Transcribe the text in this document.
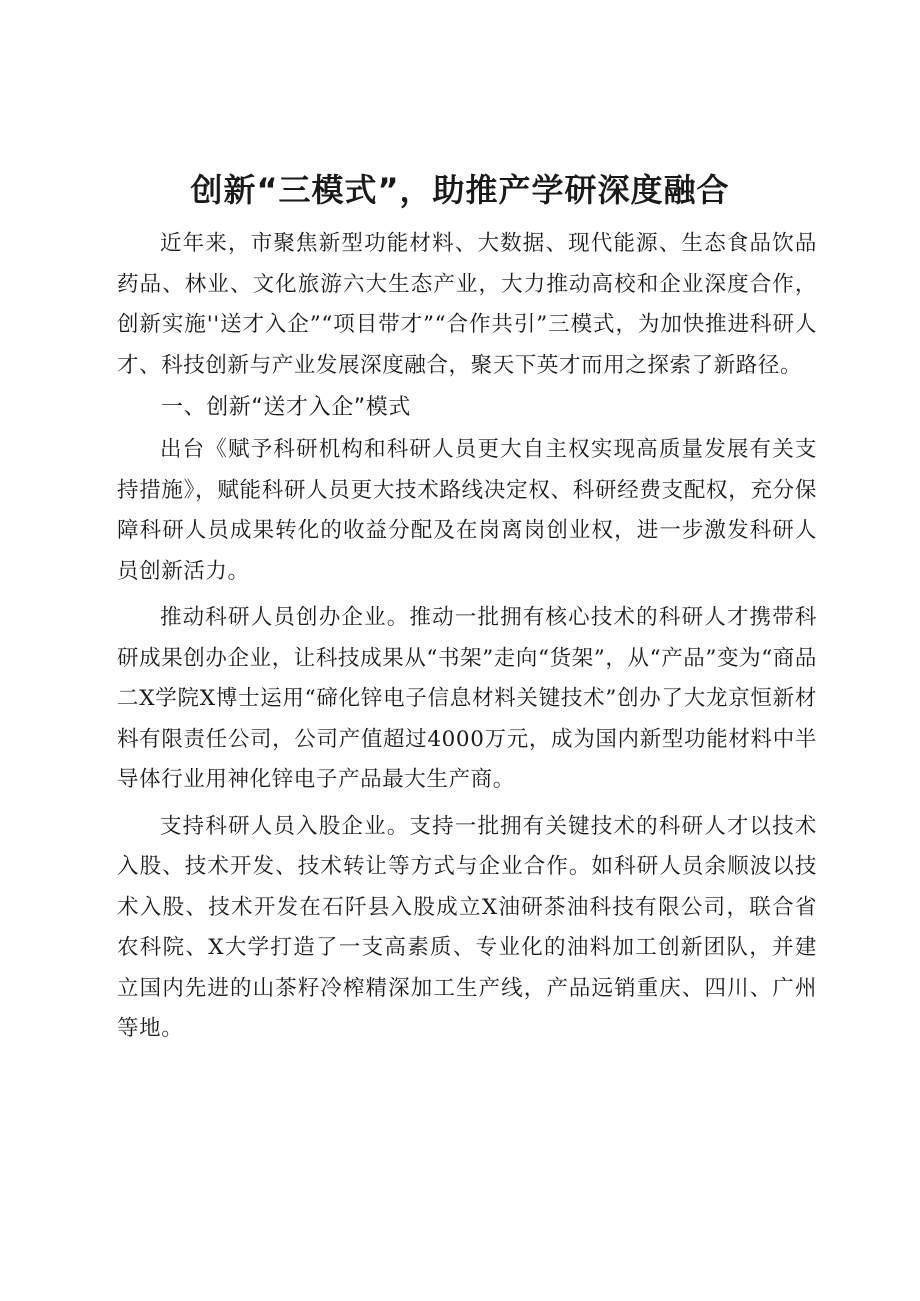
创新“三模式”，助推产学研深度融合

近年来，市聚焦新型功能材料、大数据、现代能源、生态食品饮品药品、林业、文化旅游六大生态产业，大力推动高校和企业深度合作，创新实施''送才入企”“项目带才”“合作共引”三模式，为加快推进科研人才、科技创新与产业发展深度融合，聚天下英才而用之探索了新路径。

一、创新“送才入企”模式

出台《赋予科研机构和科研人员更大自主权实现高质量发展有关支持措施》，赋能科研人员更大技术路线决定权、科研经费支配权，充分保障科研人员成果转化的收益分配及在岗离岗创业权，进一步激发科研人员创新活力。

推动科研人员创办企业。推动一批拥有核心技术的科研人才携带科研成果创办企业，让科技成果从“书架”走向“货架”，从“产品”变为“商品二X学院X博士运用“碲化锌电子信息材料关键技术”创办了大龙京恒新材料有限责任公司，公司产值超过4000万元，成为国内新型功能材料中半导体行业用神化锌电子产品最大生产商。

支持科研人员入股企业。支持一批拥有关键技术的科研人才以技术入股、技术开发、技术转让等方式与企业合作。如科研人员余顺波以技术入股、技术开发在石阡县入股成立X油研茶油科技有限公司，联合省农科院、X大学打造了一支高素质、专业化的油料加工创新团队，并建立国内先进的山茶籽冷榨精深加工生产线，产品远销重庆、四川、广州等地。
